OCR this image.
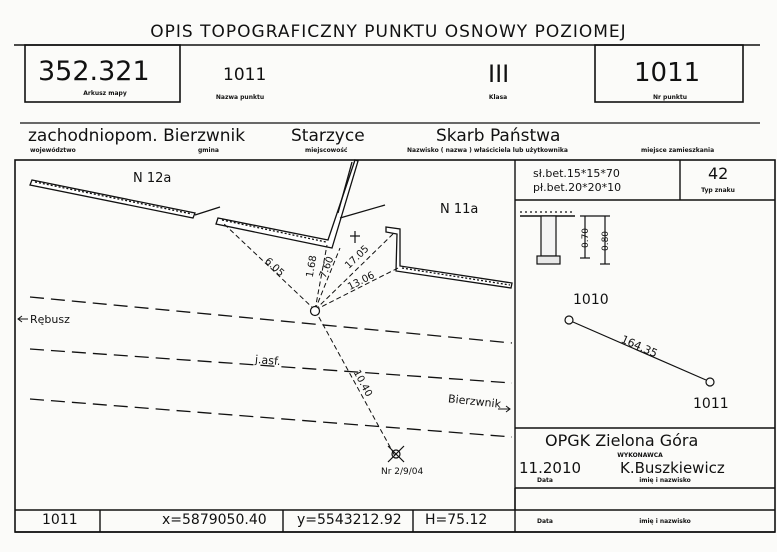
OPIS TOPOGRAFICZNY PUNKTU OSNOWY POZIOMEJ
352.321
Arkusz mapy
1011
Nazwa punktu
III
Klasa
1011
Nr punktu
zachodniopom. Bierzwnik
województwo	gmina
Starzyce
miejscowość
Skarb Państwa
Nazwisko ( nazwa ) właściciela lub użytkownika	miejsce zamieszkania
N 12a
N 11a
Rębusz
Bierzwnik
j.asf.
6.05 1.68
7.60 17.05
13.06
10.40
Nr 2/9/04
sł.bet.15*15*70
pł.bet.20*20*10
42
Typ znaku
0.70 0.80
1010
1011
164.35
OPGK Zielona Góra
WYKONAWCA
11.2010
Data
K.Buszkiewicz
imię i nazwisko
1011	x=5879050.40 y=5543212.92 H=75.12	Data	imię i nazwisko
